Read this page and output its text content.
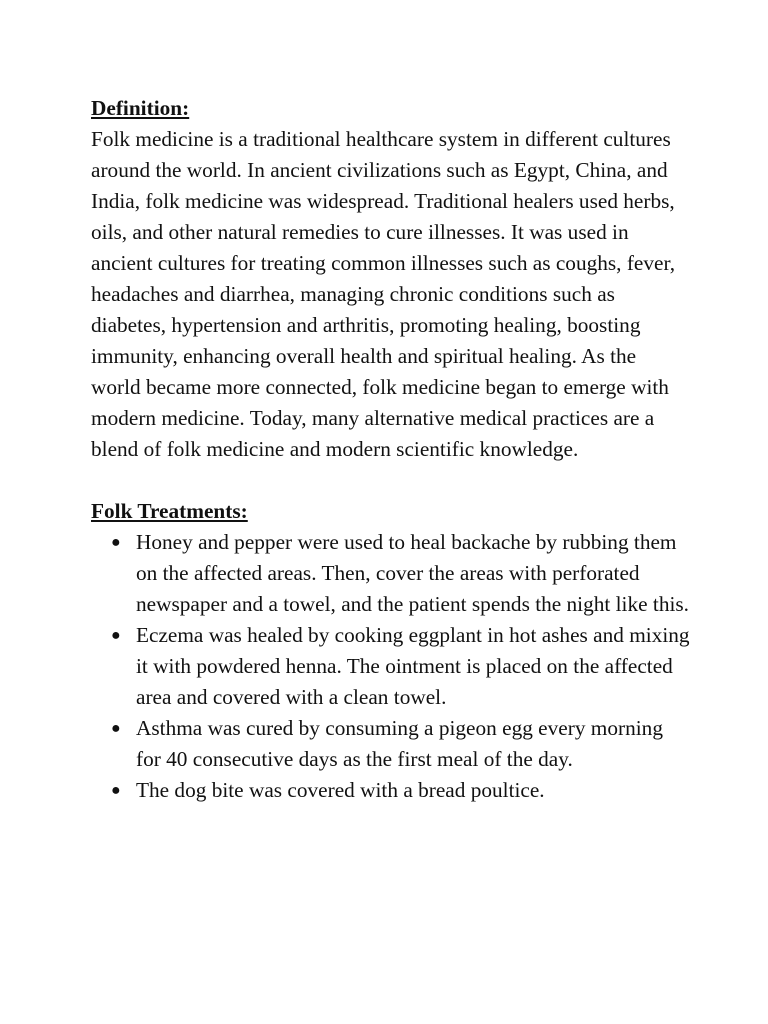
Definition:

Folk medicine is a traditional healthcare system in different cultures around the world. In ancient civilizations such as Egypt, China, and India, folk medicine was widespread. Traditional healers used herbs, oils, and other natural remedies to cure illnesses. It was used in ancient cultures for treating common illnesses such as coughs, fever, headaches and diarrhea, managing chronic conditions such as diabetes, hypertension and arthritis, promoting healing, boosting immunity, enhancing overall health and spiritual healing. As the world became more connected, folk medicine began to emerge with modern medicine. Today, many alternative medical practices are a blend of folk medicine and modern scientific knowledge.

Folk Treatments:

● Honey and pepper were used to heal backache by rubbing them on the affected areas. Then, cover the areas with perforated newspaper and a towel, and the patient spends the night like this.
● Eczema was healed by cooking eggplant in hot ashes and mixing it with powdered henna. The ointment is placed on the affected area and covered with a clean towel.
● Asthma was cured by consuming a pigeon egg every morning for 40 consecutive days as the first meal of the day.
● The dog bite was covered with a bread poultice.
